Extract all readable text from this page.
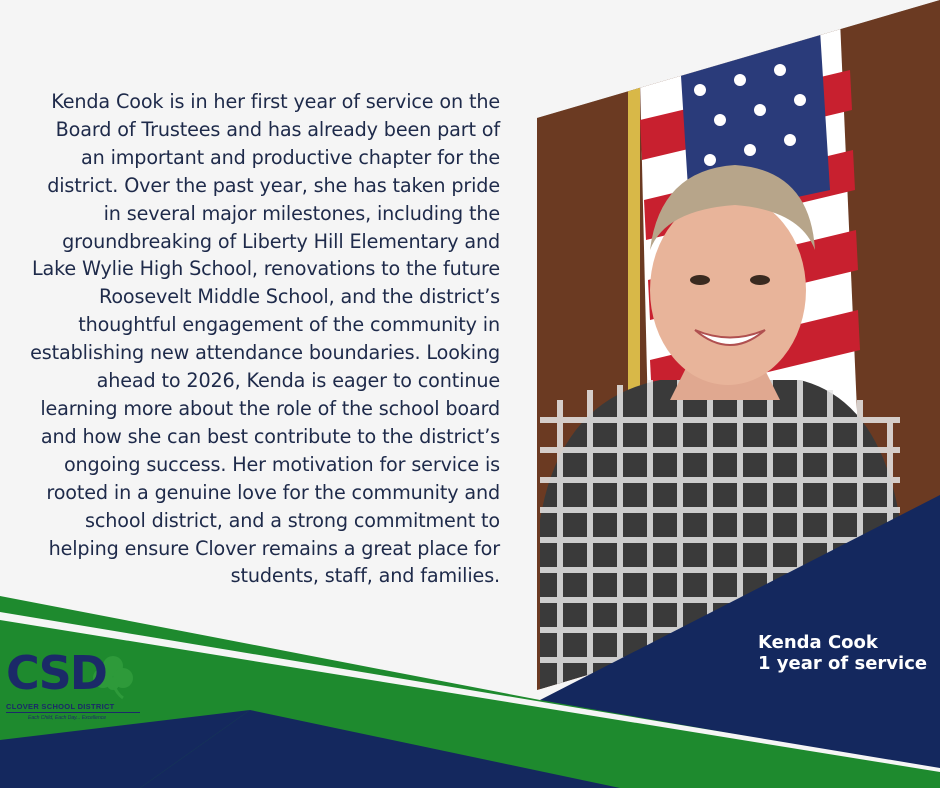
Kenda Cook is in her first year of service on the
Board of Trustees and has already been part of
an important and productive chapter for the
district. Over the past year, she has taken pride
in several major milestones, including the
groundbreaking of Liberty Hill Elementary and
Lake Wylie High School, renovations to the future
Roosevelt Middle School, and the district’s
thoughtful engagement of the community in
establishing new attendance boundaries. Looking
ahead to 2026, Kenda is eager to continue
learning more about the role of the school board
and how she can best contribute to the district’s
ongoing success. Her motivation for service is
rooted in a genuine love for the community and
school district, and a strong commitment to
helping ensure Clover remains a great place for
students, staff, and families.

Kenda Cook
1 year of service
CSD
CLOVER SCHOOL DISTRICT
Each Child, Each Day... Excellence
